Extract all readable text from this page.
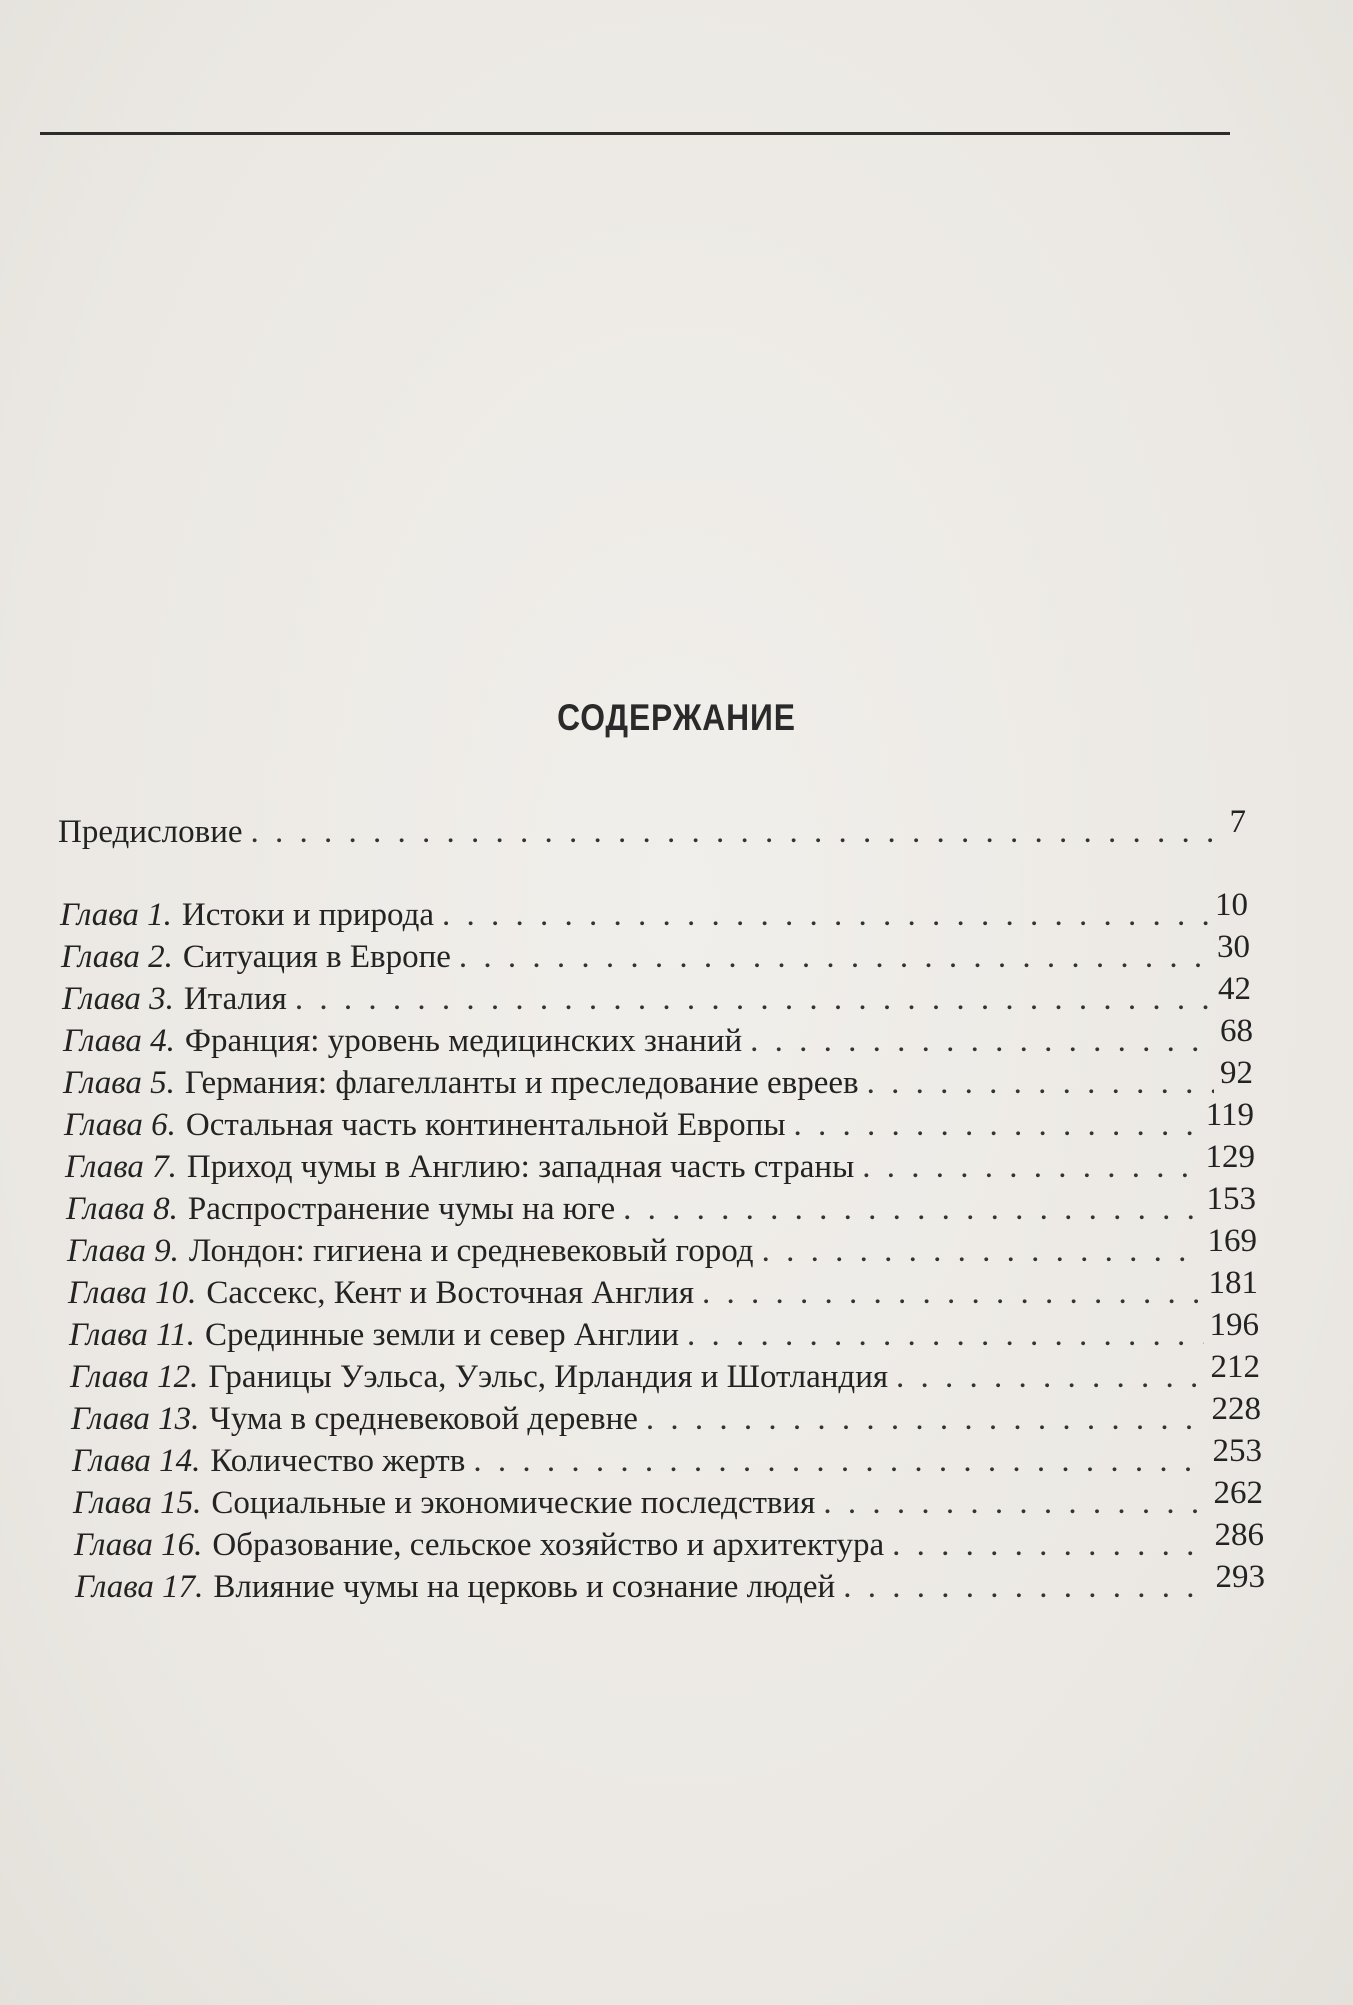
СОДЕРЖАНИЕ
Предисловие . . .	7
Глава 1. Истоки и природа . . .	10
Глава 2. Ситуация в Европе . . .	30
Глава 3. Италия . . .	42
Глава 4. Франция: уровень медицинских знаний . . .	68
Глава 5. Германия: флагелланты и преследование евреев . . .	92
Глава 6. Остальная часть континентальной Европы . . .	119
Глава 7. Приход чумы в Англию: западная часть страны . . .	129
Глава 8. Распространение чумы на юге . . .	153
Глава 9. Лондон: гигиена и средневековый город . . .	169
Глава 10. Сассекс, Кент и Восточная Англия . . .	181
Глава 11. Срединные земли и север Англии . . .	196
Глава 12. Границы Уэльса, Уэльс, Ирландия и Шотландия . . .	212
Глава 13. Чума в средневековой деревне . . .	228
Глава 14. Количество жертв . . .	253
Глава 15. Социальные и экономические последствия . . .	262
Глава 16. Образование, сельское хозяйство и архитектура . . .	286
Глава 17. Влияние чумы на церковь и сознание людей . . .	293
